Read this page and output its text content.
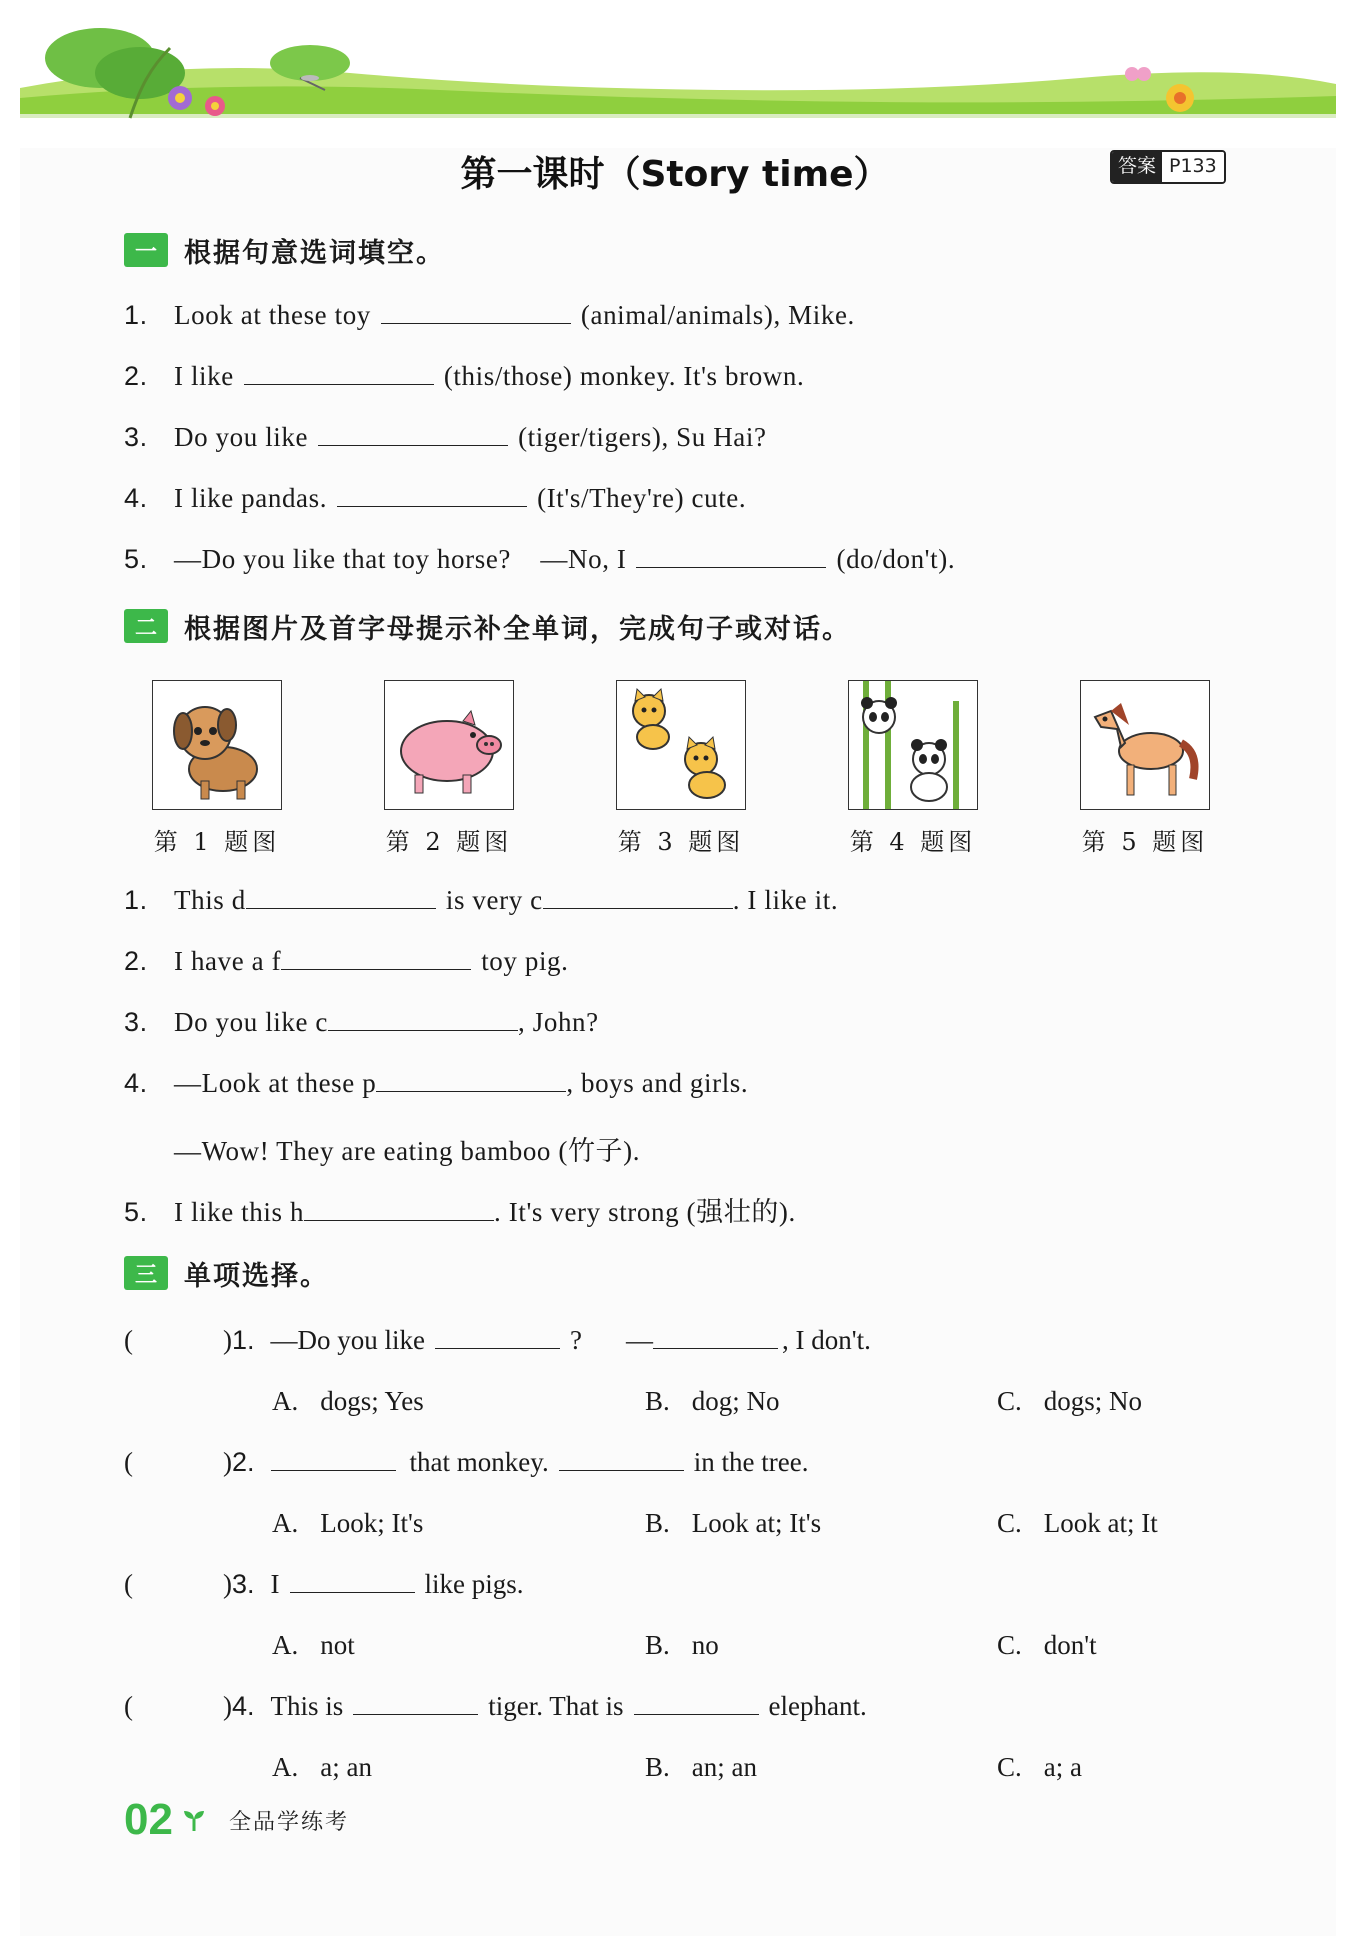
第一课时（Story time）	答案 P133
一	根据句意选词填空。
1. Look at these toy	(animal/animals), Mike.
2. I like	(this/those) monkey. It's brown.
3. Do you like	(tiger/tigers), Su Hai?
4. I like pandas.	(It's/They're) cute.
5. —Do you like that toy horse?    —No, I	(do/don't).
二	根据图片及首字母提示补全单词，完成句子或对话。
第 1 题图	第 2 题图	第 3 题图	第 4 题图	第 5 题图
1. This d	is very c	. I like it.
2. I have a f	toy pig.
3. Do you like c	, John?
4. —Look at these p	, boys and girls.
—Wow! They are eating bamboo (竹子).
5. I like this h	. It's very strong (强壮的).
三	单项选择。
(	) 1. —Do you like	? —	, I don't.
A. dogs; Yes	B. dog; No	C. dogs; No
(	) 2.	that monkey.	in the tree.
A. Look; It's	B. Look at; It's	C. Look at; It
(	) 3. I	like pigs.
A. not	B. no	C. don't
(	) 4. This is	tiger. That is	elephant.
A. a; an	B. an; an	C. a; a
02	全品学练考
